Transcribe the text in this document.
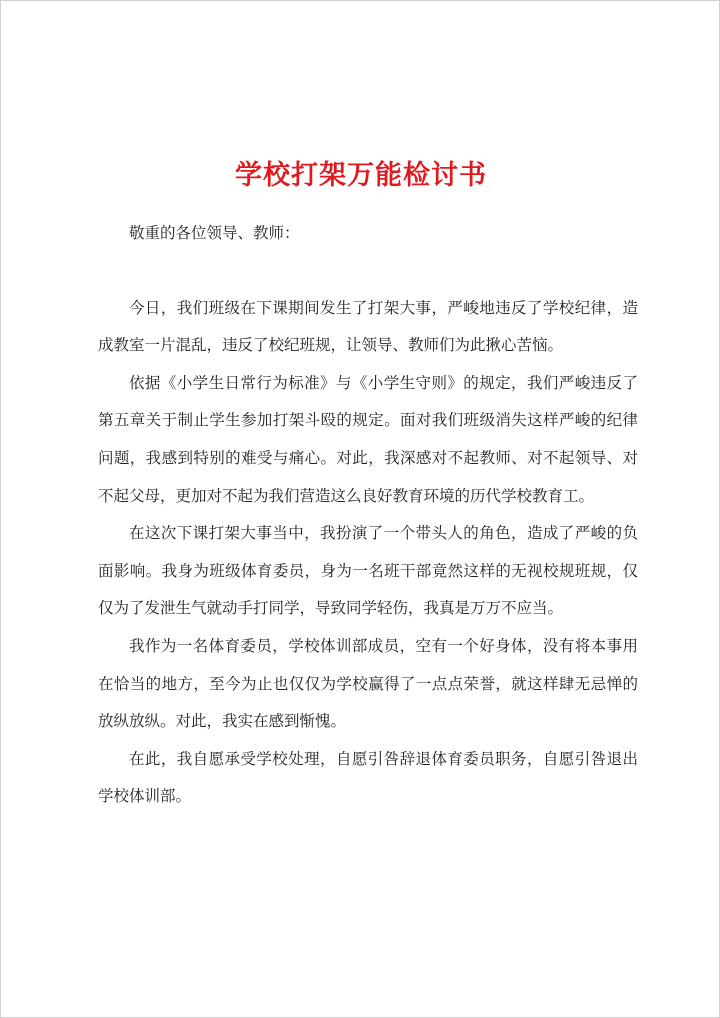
学校打架万能检讨书

敬重的各位领导、教师：

今日，我们班级在下课期间发生了打架大事，严峻地违反了学校纪律，造成教室一片混乱，违反了校纪班规，让领导、教师们为此揪心苦恼。

依据《小学生日常行为标准》与《小学生守则》的规定，我们严峻违反了第五章关于制止学生参加打架斗殴的规定。面对我们班级消失这样严峻的纪律问题，我感到特别的难受与痛心。对此，我深感对不起教师、对不起领导、对不起父母，更加对不起为我们营造这么良好教育环境的历代学校教育工。

在这次下课打架大事当中，我扮演了一个带头人的角色，造成了严峻的负面影响。我身为班级体育委员，身为一名班干部竟然这样的无视校规班规，仅仅为了发泄生气就动手打同学，导致同学轻伤，我真是万万不应当。

我作为一名体育委员，学校体训部成员，空有一个好身体，没有将本事用在恰当的地方，至今为止也仅仅为学校赢得了一点点荣誉，就这样肆无忌惮的放纵放纵。对此，我实在感到惭愧。

在此，我自愿承受学校处理，自愿引咎辞退体育委员职务，自愿引咎退出学校体训部。
